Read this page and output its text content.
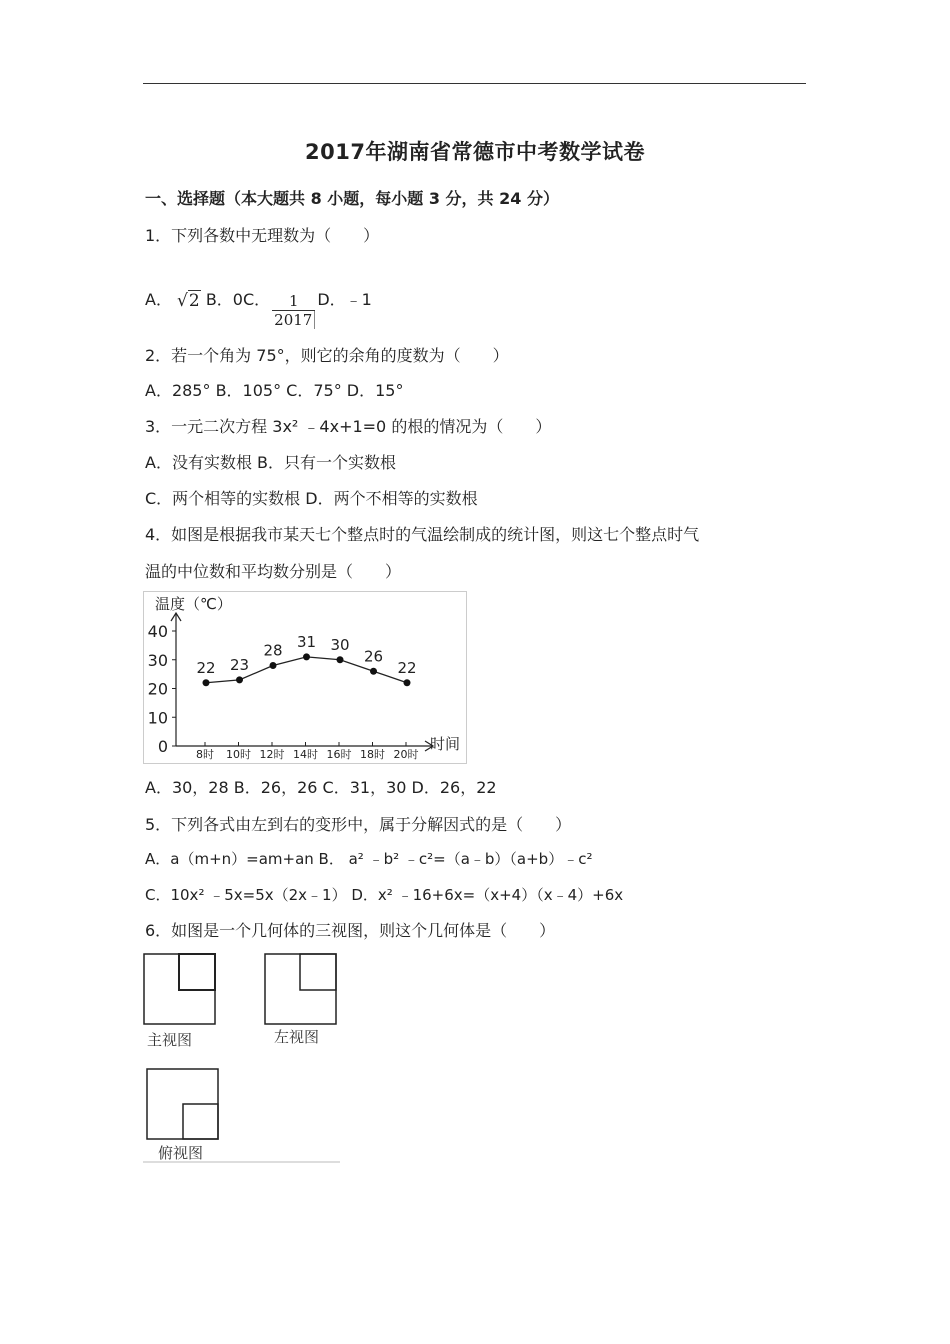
2017年湖南省常德市中考数学试卷
一、选择题（本大题共 8 小题，每小题 3 分，共 24 分）
1．下列各数中无理数为（　　）
A． √2 B．0C． $\frac{1}{2017}$ D．﹣1
2．若一个角为 75°，则它的余角的度数为（　　）
A．285° B．105° C．75° D．15°
3．一元二次方程 3x² ﹣4x+1=0 的根的情况为（　　）
A．没有实数根 B．只有一个实数根
C．两个相等的实数根 D．两个不相等的实数根
4．如图是根据我市某天七个整点时的气温绘制成的统计图，则这七个整点时气
温的中位数和平均数分别是（　　）
温度（℃）
时间
0
10
20
30
40
8时 10时 12时 14时 16时 18时 20时
22 23
28 31 30
26
22
A．30，28 B．26，26 C．31，30 D．26，22
5．下列各式由左到右的变形中，属于分解因式的是（　　）
A．a（m+n）=am+an B． a² ﹣b² ﹣c²=（a﹣b）（a+b）﹣c²
C．10x² ﹣5x=5x（2x﹣1） D．x² ﹣16+6x=（x+4）（x﹣4）+6x
6．如图是一个几何体的三视图，则这个几何体是（　　）
主视图	左视图
俯视图
